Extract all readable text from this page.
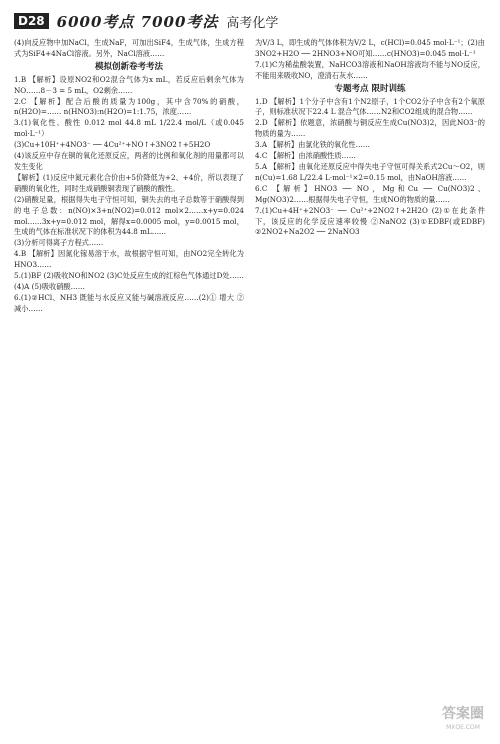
D28 6000考点 7000考法 高考化学

(4)向反应物中加NaCl，生成NaF，可加出SiF4，生成气体，生成方程式为SiF4+4NaCl溶液。另外，NaCl溶液……

模拟创新卷考考法

1.B 【解析】设原NO2和O2混合气体为x mL，若反应后剩余气体为NO……8－3 = 5 mL，O2剩余……

2.C 【解析】配合后酸的质量为100g，其中含70%的硝酸，n(H2O)=…… n(HNO3):n(H2O)=1:1.75，浓度……

3.(1)氧化性、酸性 0.012 mol 44.8 mL 1/22.4 mol/L（或0.045 mol·L⁻¹）

(3)Cu+10H⁺+4NO3⁻ ── 4Cu²⁺+NO↑+3NO2↑+5H2O

(4)该反应中存在铜的氧化还原反应，两者的比例和氧化剂的用量都可以发生变化

【解析】(1)反应中氮元素化合价由+5价降低为+2、+4价，所以表现了硝酸的氧化性，同时生成硝酸铜表现了硝酸的酸性。

(2)硝酸足量，根据得失电子守恒可知，铜失去的电子总数等于硝酸得到的电子总数：n(NO)×3+n(NO2)=0.012 mol×2……x+y=0.024 mol……3x+y=0.012 mol，解得x=0.0005 mol，y=0.0015 mol，生成的气体在标准状况下的体积为44.8 mL……

(3)分析可得离子方程式……

4.B 【解析】因氮化镓易溶于水，故根据守恒可知，由NO2完全转化为HNO3……

5.(1)BF (2)吸收NO和NO2 (3)C处反应生成的红棕色气体通过D处……(4)A (5)吸收硝酸……

6.(1)②HCl、NH3 既能与水反应又能与碱溶液反应……(2)① 增大 ② 减小……

为V/3 L，即生成的气体体积为V/2 L，c(HCl)=0.045 mol·L⁻¹；(2)由3NO2+H2O ── 2HNO3+NO可知……c(HNO3)=0.045 mol·L⁻¹

7.(1)C为稀盐酸装置，NaHCO3溶液和NaOH溶液均不能与NO反应，不能用来吸收NO，澄清石灰水……

专题考点 限时训练

1.D 【解析】1个分子中含有1个N2原子，1个CO2分子中含有2个氧原子，则标准状况下22.4 L 混合气体……N2和CO2组成的混合物……

2.D 【解析】依题意，浓硝酸与铜反应生成Cu(NO3)2，因此NO3⁻的物质的量为……

3.A 【解析】由氯化铁的氧化性……

4.C 【解析】由浓硝酸性质……

5.A 【解析】由氧化还原反应中得失电子守恒可得关系式2Cu～O2，则n(Cu)=1.68 L/22.4 L·mol⁻¹×2=0.15 mol，由NaOH溶液……

6.C 【解析】HNO3 ── NO，Mg和Cu ── Cu(NO3)2、Mg(NO3)2……根据得失电子守恒，生成NO的物质的量……

7.(1)Cu+4H⁺+2NO3⁻ ── Cu²⁺+2NO2↑+2H2O (2)①在此条件下，该反应的化学反应速率较慢 ②NaNO2 (3)①EDBF(或EDBF) ②2NO2+Na2O2 ── 2NaNO3

答案圈
MXQE.COM
